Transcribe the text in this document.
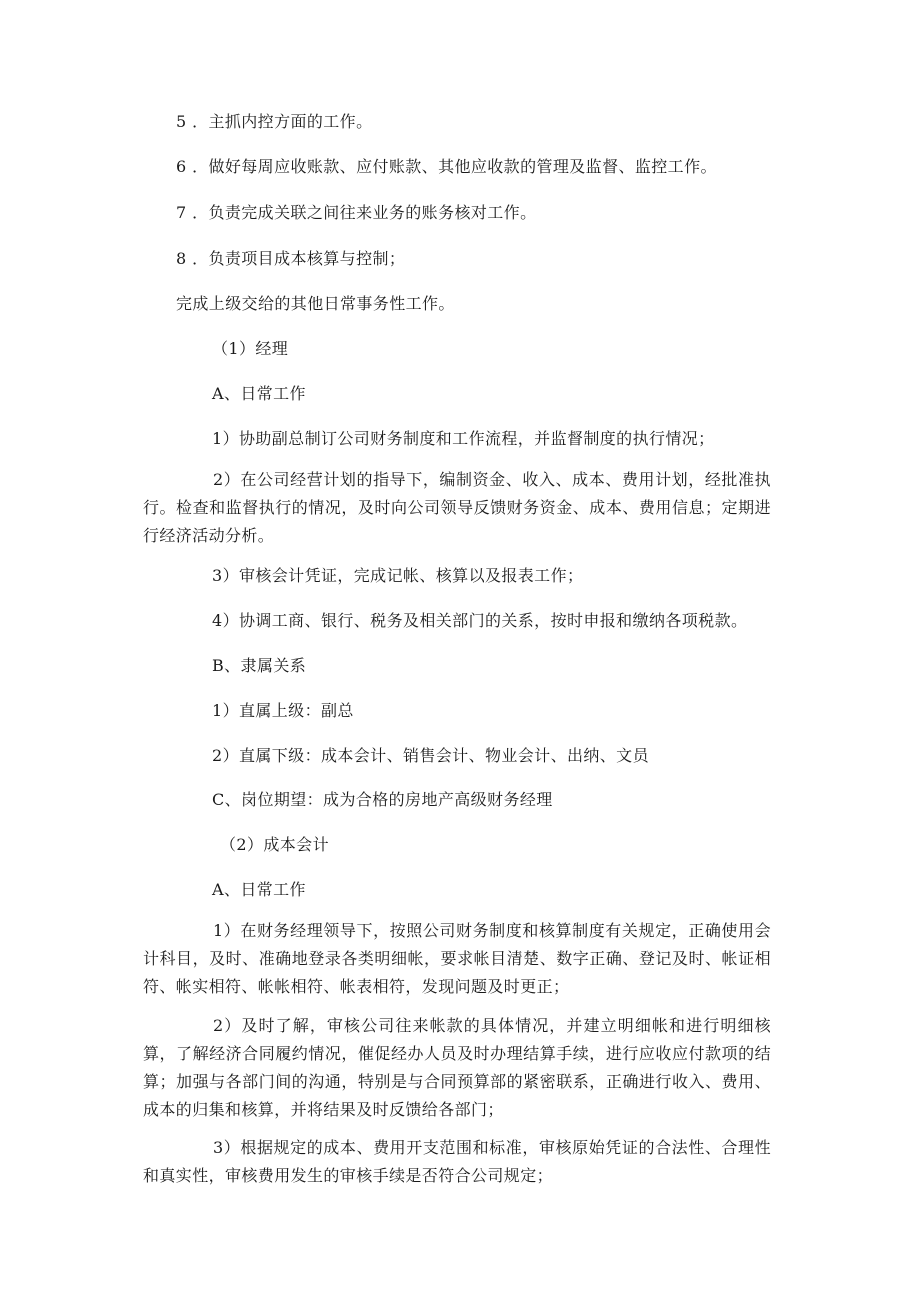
5 ．主抓内控方面的工作。

6 ．做好每周应收账款、应付账款、其他应收款的管理及监督、监控工作。

7 ．负责完成关联之间往来业务的账务核对工作。

8 ．负责项目成本核算与控制；

完成上级交给的其他日常事务性工作。

（1）经理

A、日常工作

1）协助副总制订公司财务制度和工作流程，并监督制度的执行情况；

2）在公司经营计划的指导下，编制资金、收入、成本、费用计划，经批准执行。检查和监督执行的情况，及时向公司领导反馈财务资金、成本、费用信息；定期进行经济活动分析。

3）审核会计凭证，完成记帐、核算以及报表工作；

4）协调工商、银行、税务及相关部门的关系，按时申报和缴纳各项税款。

B、隶属关系

1）直属上级：副总

2）直属下级：成本会计、销售会计、物业会计、出纳、文员

C、岗位期望：成为合格的房地产高级财务经理

（2）成本会计

A、日常工作

1）在财务经理领导下，按照公司财务制度和核算制度有关规定，正确使用会计科目，及时、准确地登录各类明细帐，要求帐目清楚、数字正确、登记及时、帐证相符、帐实相符、帐帐相符、帐表相符，发现问题及时更正；

2）及时了解，审核公司往来帐款的具体情况，并建立明细帐和进行明细核算，了解经济合同履约情况，催促经办人员及时办理结算手续，进行应收应付款项的结算；加强与各部门间的沟通，特别是与合同预算部的紧密联系，正确进行收入、费用、成本的归集和核算，并将结果及时反馈给各部门；

3）根据规定的成本、费用开支范围和标准，审核原始凭证的合法性、合理性和真实性，审核费用发生的审核手续是否符合公司规定；
